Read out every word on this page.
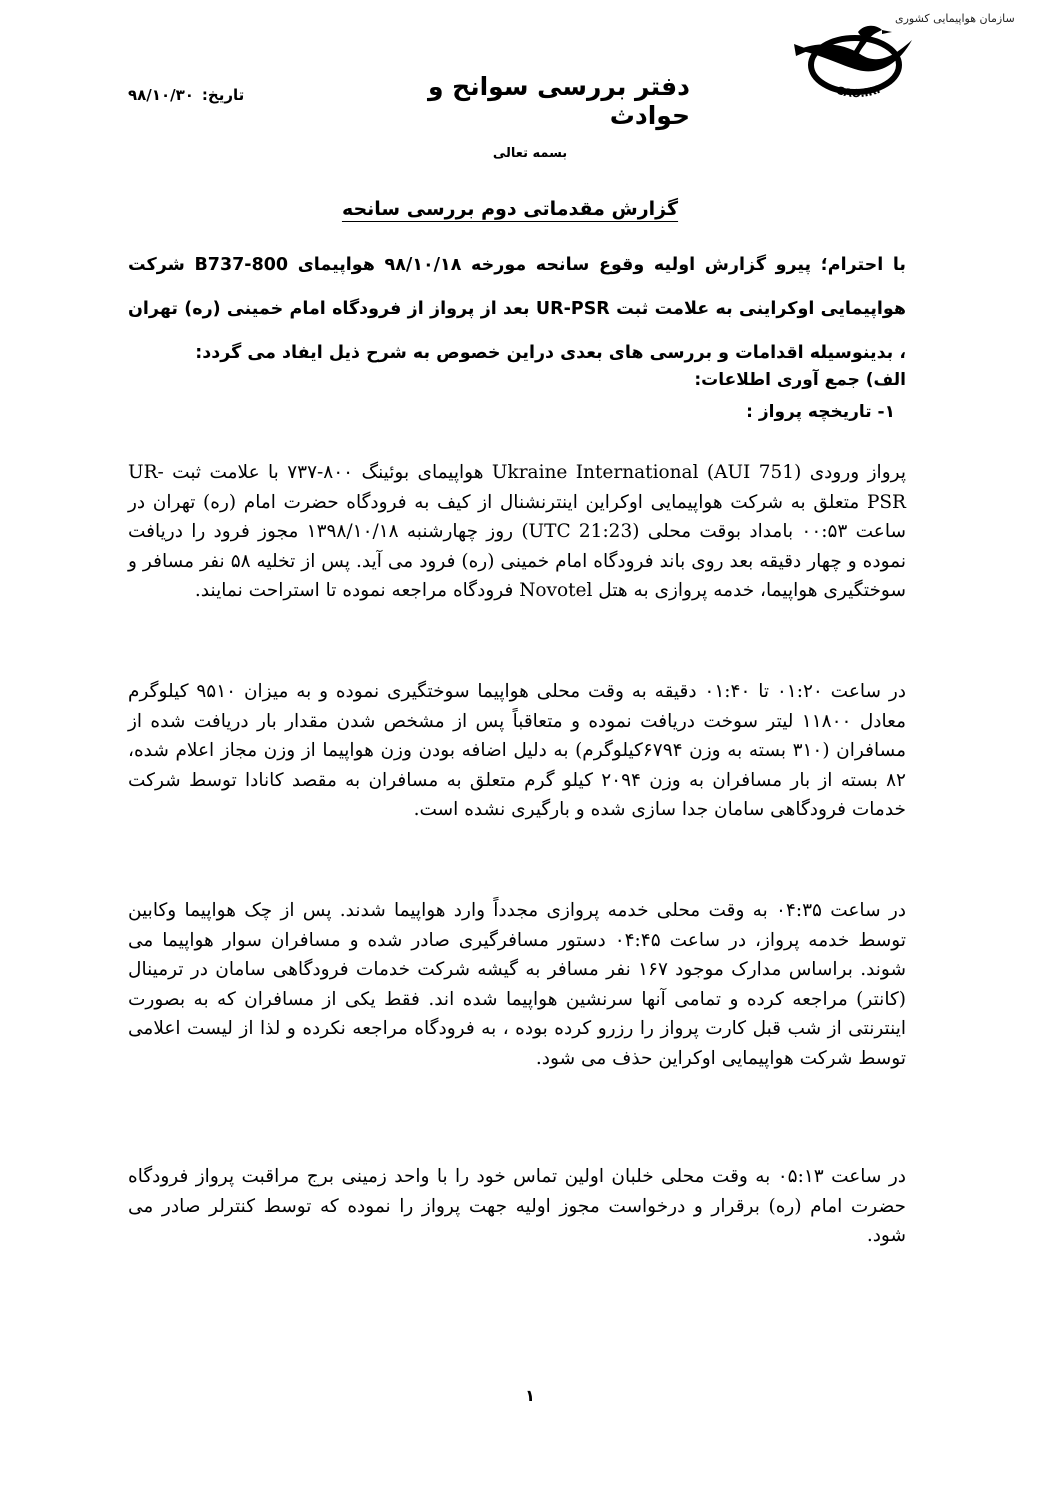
CAO.IRI
سازمان هواپیمایی کشوری
دفتر بررسی سوانح و حوادث
تاریخ:۹۸/۱۰/۳۰
بسمه تعالی
گزارش مقدماتی دوم بررسی سانحه
با احترام؛ پیرو گزارش اولیه وقوع سانحه مورخه ۹۸/۱۰/۱۸ هواپیمای B737-800 شرکت هواپیمایی اوکراینی به علامت ثبت UR-PSR بعد از پرواز از فرودگاه امام خمینی (ره) تهران ، بدینوسیله اقدامات و بررسی های بعدی دراین خصوص به شرح ذیل ایفاد می گردد:
الف) جمع آوری اطلاعات:
۱- تاریخچه پرواز :
پرواز ورودی Ukraine International (AUI 751) هواپیمای بوئینگ ۸۰۰-۷۳۷ با علامت ثبت UR-PSR متعلق به شرکت هواپیمایی اوکراین اینترنشنال از کیف به فرودگاه حضرت امام (ره) تهران در ساعت ۰۰:۵۳ بامداد بوقت محلی (21:23 UTC) روز چهارشنبه ۱۳۹۸/۱۰/۱۸ مجوز فرود را دریافت نموده و چهار دقیقه بعد روی باند فرودگاه امام خمینی (ره) فرود می آید. پس از تخلیه ۵۸ نفر مسافر و سوختگیری هواپیما، خدمه پروازی به هتل Novotel فرودگاه مراجعه نموده تا استراحت نمایند.
در ساعت ۰۱:۲۰ تا ۰۱:۴۰ دقیقه به وقت محلی هواپیما سوختگیری نموده و به میزان ۹۵۱۰ کیلوگرم معادل ۱۱۸۰۰ لیتر سوخت دریافت نموده و متعاقباً پس از مشخص شدن مقدار بار دریافت شده از مسافران (۳۱۰ بسته به وزن ۶۷۹۴کیلوگرم) به دلیل اضافه بودن وزن هواپیما از وزن مجاز اعلام شده، ۸۲ بسته از بار مسافران به وزن ۲۰۹۴ کیلو گرم متعلق به مسافران به مقصد کانادا توسط شرکت خدمات فرودگاهی سامان جدا سازی شده و بارگیری نشده است.
در ساعت ۰۴:۳۵ به وقت محلی خدمه پروازی مجدداً وارد هواپیما شدند. پس از چک هواپیما وکابین توسط خدمه پرواز، در ساعت ۰۴:۴۵ دستور مسافرگیری صادر شده و مسافران سوار هواپیما می شوند. براساس مدارک موجود ۱۶۷ نفر مسافر به گیشه شرکت خدمات فرودگاهی سامان در ترمینال (کانتر) مراجعه کرده و تمامی آنها سرنشین هواپیما شده اند. فقط یکی از مسافران که به بصورت اینترنتی از شب قبل کارت پرواز را رزرو کرده بوده ، به فرودگاه مراجعه نکرده و لذا از لیست اعلامی توسط شرکت هواپیمایی اوکراین حذف می شود.
در ساعت ۰۵:۱۳ به وقت محلی خلبان اولین تماس خود را با واحد زمینی برج مراقبت پرواز فرودگاه حضرت امام (ره) برقرار و درخواست مجوز اولیه جهت پرواز را نموده که توسط کنترلر صادر می شود.
۱
